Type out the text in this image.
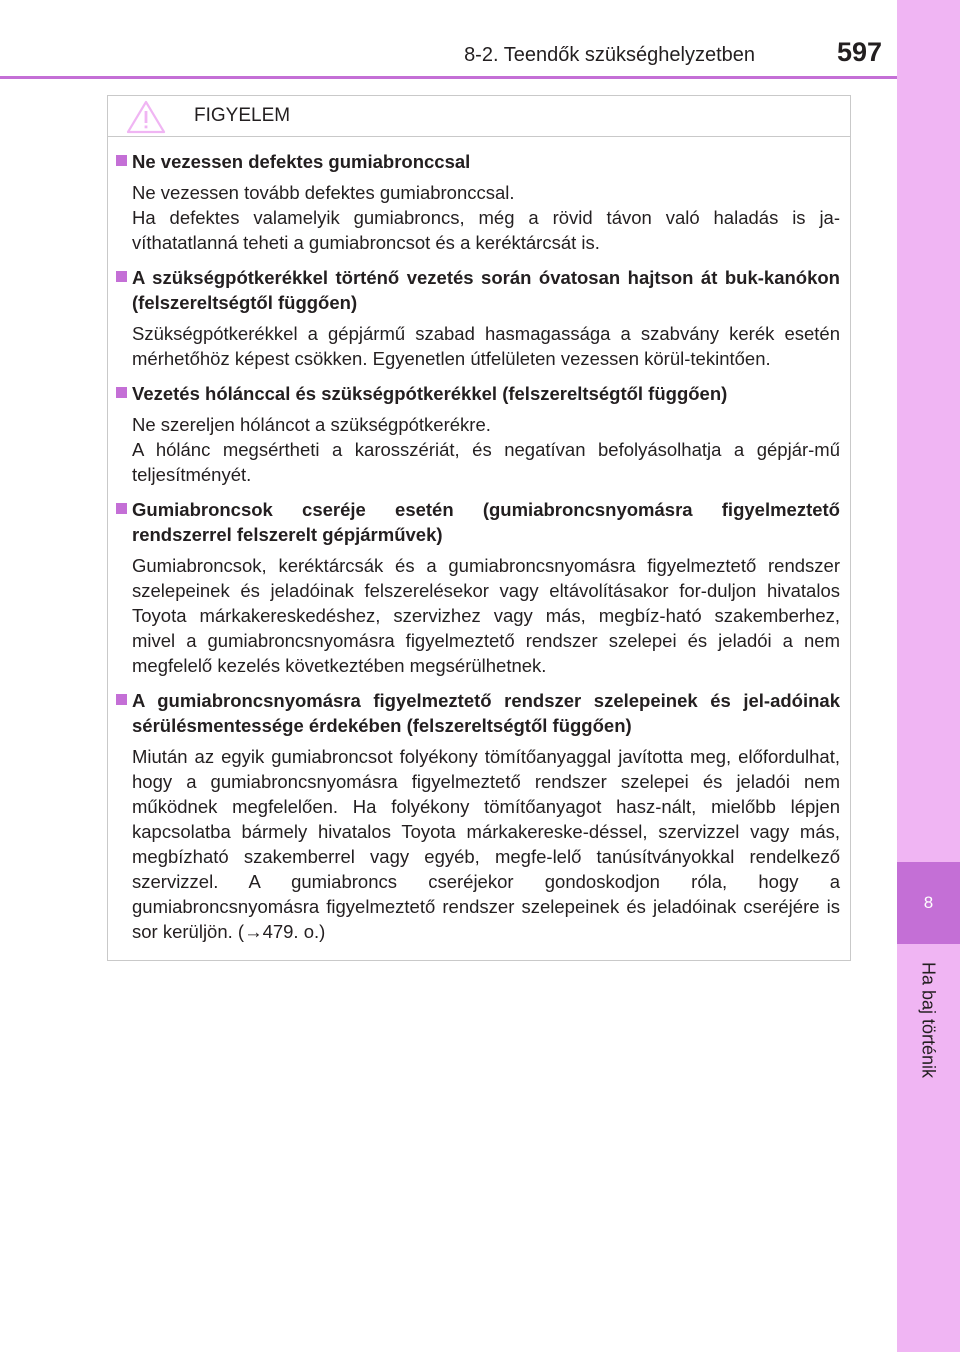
8-2. Teendők szükséghelyzetben	597
8
Ha baj történik
FIGYELEM
Ne vezessen defektes gumiabronccsal

Ne vezessen tovább defektes gumiabronccsal.

Ha defektes valamelyik gumiabroncs, még a rövid távon való haladás is ja-víthatatlanná teheti a gumiabroncsot és a keréktárcsát is.

A szükségpótkerékkel történő vezetés során óvatosan hajtson át buk-kanókon (felszereltségtől függően)

Szükségpótkerékkel a gépjármű szabad hasmagassága a szabvány kerék esetén mérhetőhöz képest csökken. Egyenetlen útfelületen vezessen körül-tekintően.

Vezetés hólánccal és szükségpótkerékkel (felszereltségtől függően)

Ne szereljen hóláncot a szükségpótkerékre.

A hólánc megsértheti a karosszériát, és negatívan befolyásolhatja a gépjár-mű teljesítményét.

Gumiabroncsok cseréje esetén (gumiabroncsnyomásra figyelmeztető rendszerrel felszerelt gépjárművek)

Gumiabroncsok, keréktárcsák és a gumiabroncsnyomásra figyelmeztető rendszer szelepeinek és jeladóinak felszerelésekor vagy eltávolításakor for-duljon hivatalos Toyota márkakereskedéshez, szervizhez vagy más, megbíz-ható szakemberhez, mivel a gumiabroncsnyomásra figyelmeztető rendszer szelepei és jeladói a nem megfelelő kezelés következtében megsérülhetnek.

A gumiabroncsnyomásra figyelmeztető rendszer szelepeinek és jel-adóinak sérülésmentessége érdekében (felszereltségtől függően)

Miután az egyik gumiabroncsot folyékony tömítőanyaggal javította meg, előfordulhat, hogy a gumiabroncsnyomásra figyelmeztető rendszer szelepei és jeladói nem működnek megfelelően. Ha folyékony tömítőanyagot hasz-nált, mielőbb lépjen kapcsolatba bármely hivatalos Toyota márkakereske-déssel, szervizzel vagy más, megbízható szakemberrel vagy egyéb, megfe-lelő tanúsítványokkal rendelkező szervizzel. A gumiabroncs cseréjekor gondoskodjon róla, hogy a gumiabroncsnyomásra figyelmeztető rendszer szelepeinek és jeladóinak cseréjére is sor kerüljön. (→479. o.)
